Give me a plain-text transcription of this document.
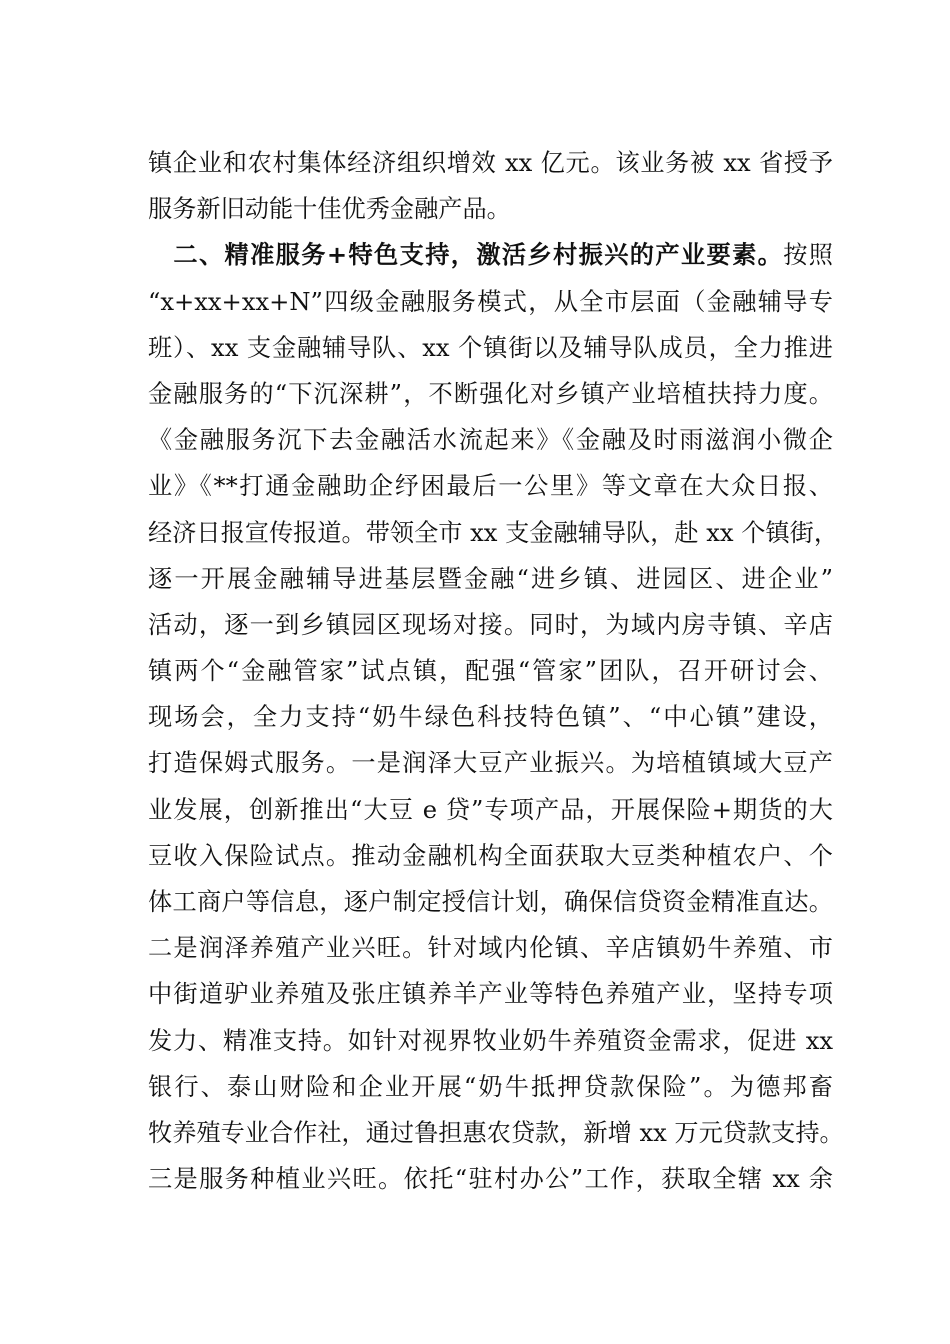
镇企业和农村集体经济组织增效 xx 亿元。该业务被 xx 省授予
服务新旧动能十佳优秀金融产品。
二、精准服务+特色支持，激活乡村振兴的产业要素。按照
“x+xx+xx+N”四级金融服务模式，从全市层面（金融辅导专
班）、xx 支金融辅导队、xx 个镇街以及辅导队成员，全力推进
金融服务的“下沉深耕”，不断强化对乡镇产业培植扶持力度。
《金融服务沉下去金融活水流起来》《金融及时雨滋润小微企
业》《**打通金融助企纾困最后一公里》等文章在大众日报、
经济日报宣传报道。带领全市 xx 支金融辅导队，赴 xx 个镇街，
逐一开展金融辅导进基层暨金融“进乡镇、进园区、进企业”
活动，逐一到乡镇园区现场对接。同时，为域内房寺镇、辛店
镇两个“金融管家”试点镇，配强“管家”团队，召开研讨会、
现场会，全力支持“奶牛绿色科技特色镇”、“中心镇”建设，
打造保姆式服务。一是润泽大豆产业振兴。为培植镇域大豆产
业发展，创新推出“大豆 e 贷”专项产品，开展保险+期货的大
豆收入保险试点。推动金融机构全面获取大豆类种植农户、个
体工商户等信息，逐户制定授信计划，确保信贷资金精准直达。
二是润泽养殖产业兴旺。针对域内伦镇、辛店镇奶牛养殖、市
中街道驴业养殖及张庄镇养羊产业等特色养殖产业，坚持专项
发力、精准支持。如针对视界牧业奶牛养殖资金需求，促进 xx
银行、泰山财险和企业开展“奶牛抵押贷款保险”。为德邦畜
牧养殖专业合作社，通过鲁担惠农贷款，新增 xx 万元贷款支持。
三是服务种植业兴旺。依托“驻村办公”工作，获取全辖 xx 余
